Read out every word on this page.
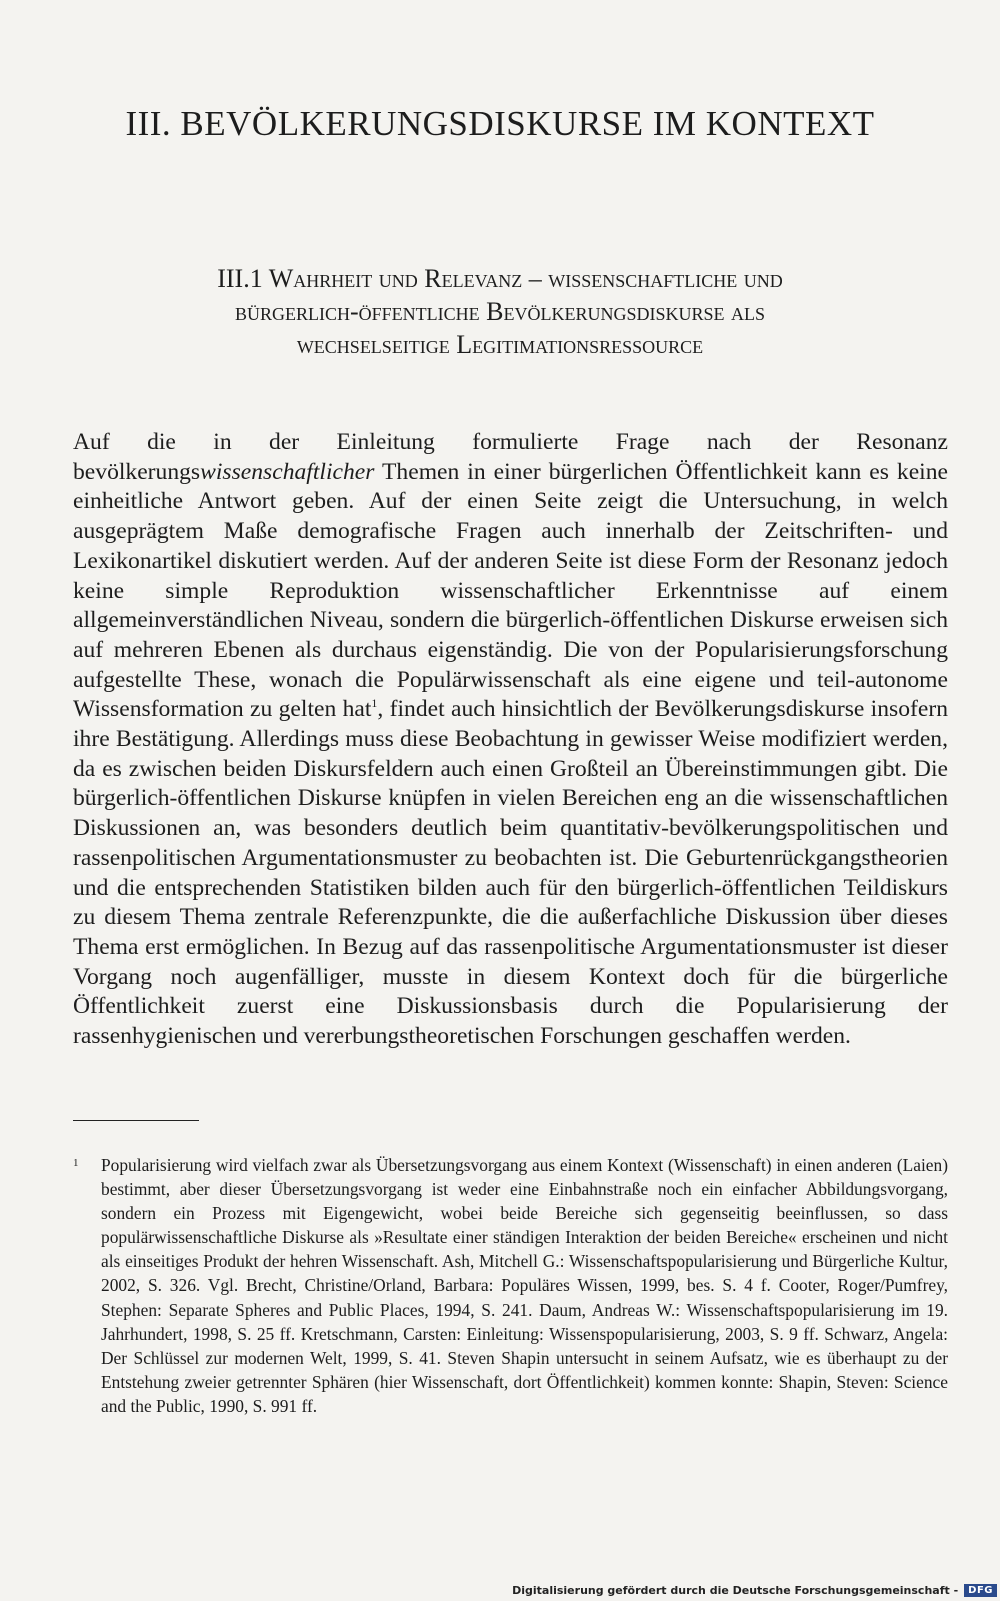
III. BEVÖLKERUNGSDISKURSE IM KONTEXT
III.1 Wahrheit und Relevanz – wissenschaftliche und
bürgerlich-öffentliche Bevölkerungsdiskurse als
wechselseitige Legitimationsressource

Auf die in der Einleitung formulierte Frage nach der Resonanz bevölkerungswissenschaftlicher Themen in einer bürgerlichen Öffentlichkeit kann es keine einheitliche Antwort geben. Auf der einen Seite zeigt die Untersuchung, in welch ausgeprägtem Maße demografische Fragen auch innerhalb der Zeitschriften- und Lexikonartikel diskutiert werden. Auf der anderen Seite ist diese Form der Resonanz jedoch keine simple Reproduktion wissenschaftlicher Erkenntnisse auf einem allgemeinverständlichen Niveau, sondern die bürgerlich-öffentlichen Diskurse erweisen sich auf mehreren Ebenen als durchaus eigenständig. Die von der Popularisierungsforschung aufgestellte These, wonach die Populärwissenschaft als eine eigene und teil-autonome Wissensformation zu gelten hat$^1$, findet auch hinsichtlich der Bevölkerungsdiskurse insofern ihre Bestätigung. Allerdings muss diese Beobachtung in gewisser Weise modifiziert werden, da es zwischen beiden Diskursfeldern auch einen Großteil an Übereinstimmungen gibt. Die bürgerlich-öffentlichen Diskurse knüpfen in vielen Bereichen eng an die wissenschaftlichen Diskussionen an, was besonders deutlich beim quantitativ-bevölkerungspolitischen und rassenpolitischen Argumentationsmuster zu beobachten ist. Die Geburtenrückgangstheorien und die entsprechenden Statistiken bilden auch für den bürgerlich-öffentlichen Teildiskurs zu diesem Thema zentrale Referenzpunkte, die die außerfachliche Diskussion über dieses Thema erst ermöglichen. In Bezug auf das rassenpolitische Argumentationsmuster ist dieser Vorgang noch augenfälliger, musste in diesem Kontext doch für die bürgerliche Öffentlichkeit zuerst eine Diskussionsbasis durch die Popularisierung der rassenhygienischen und vererbungstheoretischen Forschungen geschaffen werden.

1 Popularisierung wird vielfach zwar als Übersetzungsvorgang aus einem Kontext (Wissenschaft) in einen anderen (Laien) bestimmt, aber dieser Übersetzungsvorgang ist weder eine Einbahnstraße noch ein einfacher Abbildungsvorgang, sondern ein Prozess mit Eigengewicht, wobei beide Bereiche sich gegenseitig beeinflussen, so dass populärwissenschaftliche Diskurse als »Resultate einer ständigen Interaktion der beiden Bereiche« erscheinen und nicht als einseitiges Produkt der hehren Wissenschaft. Ash, Mitchell G.: Wissenschaftspopularisierung und Bürgerliche Kultur, 2002, S. 326. Vgl. Brecht, Christine/Orland, Barbara: Populäres Wissen, 1999, bes. S. 4 f. Cooter, Roger/Pumfrey, Stephen: Separate Spheres and Public Places, 1994, S. 241. Daum, Andreas W.: Wissenschaftspopularisierung im 19. Jahrhundert, 1998, S. 25 ff. Kretschmann, Carsten: Einleitung: Wissenspopularisierung, 2003, S. 9 ff. Schwarz, Angela: Der Schlüssel zur modernen Welt, 1999, S. 41. Steven Shapin untersucht in seinem Aufsatz, wie es überhaupt zu der Entstehung zweier getrennter Sphären (hier Wissenschaft, dort Öffentlichkeit) kommen konnte: Shapin, Steven: Science and the Public, 1990, S. 991 ff.
Digitalisierung gefördert durch die Deutsche Forschungsgemeinschaft -	DFG
